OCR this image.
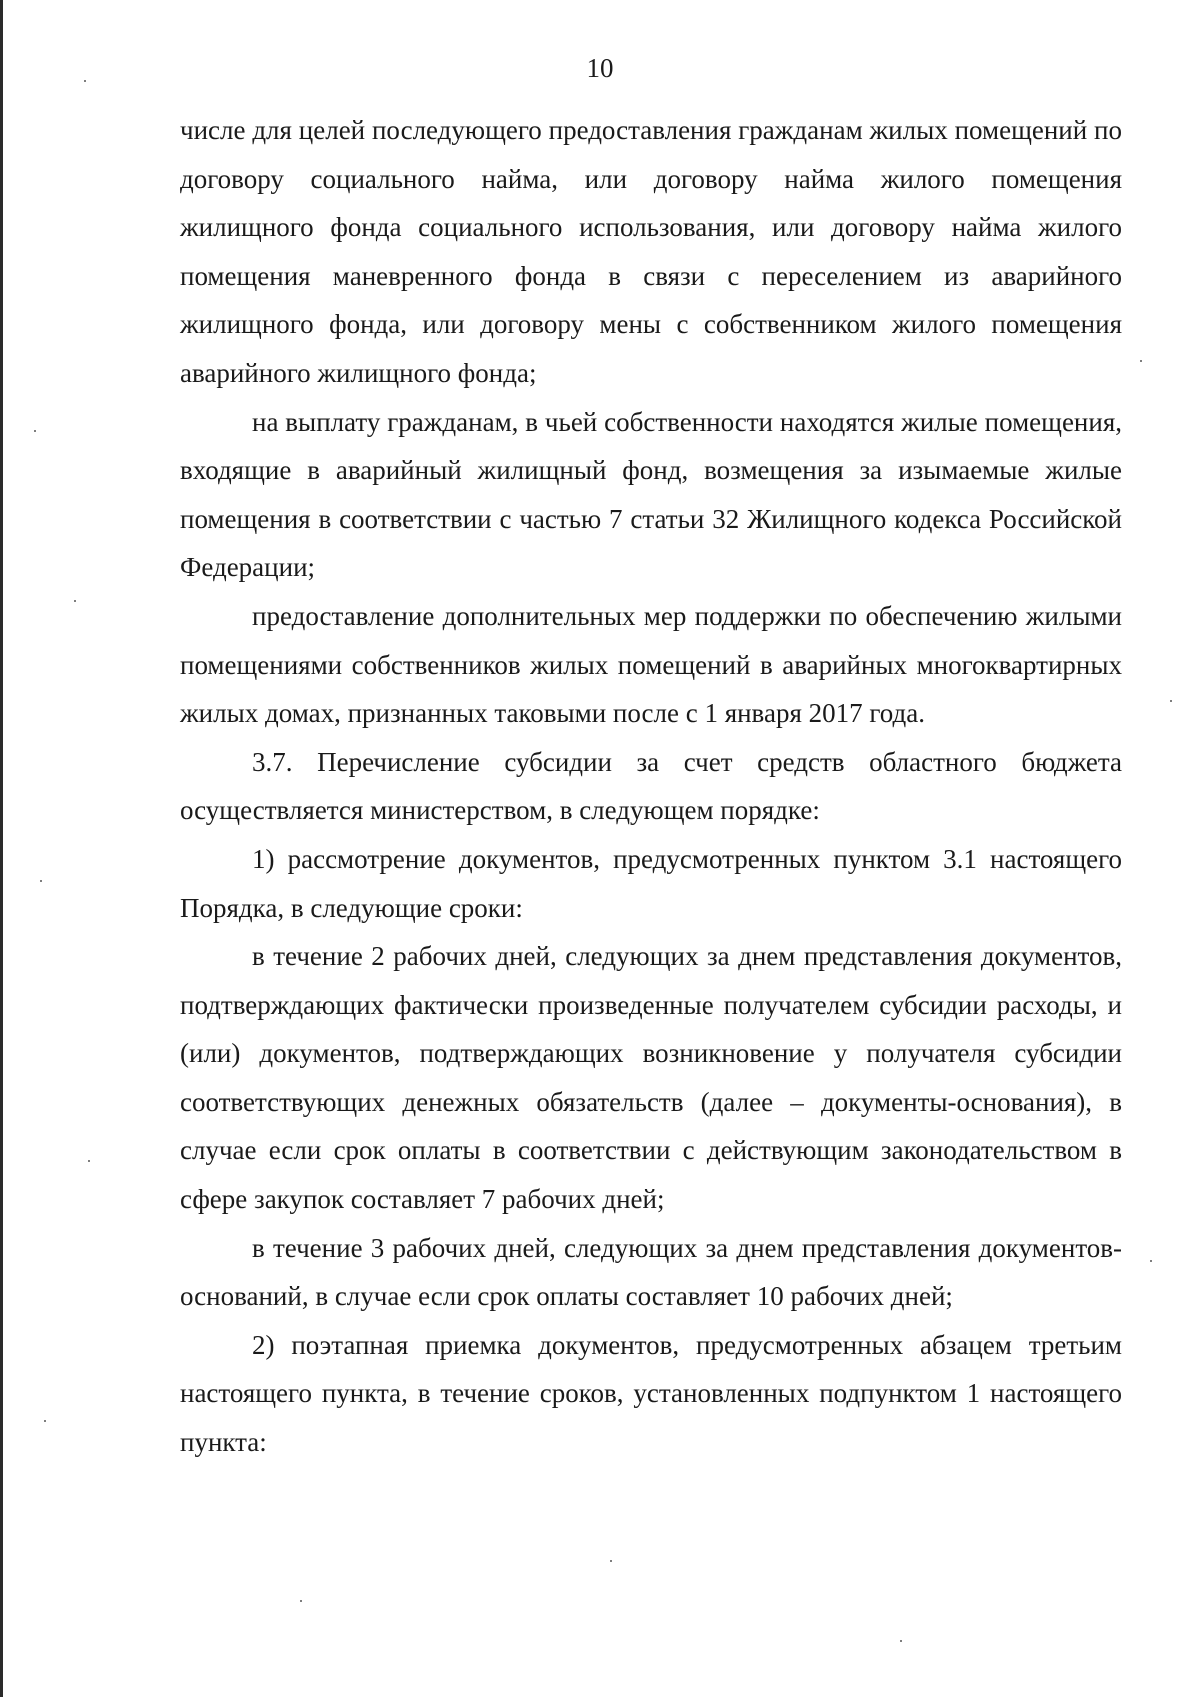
10

числе для целей последующего предоставления гражданам жилых помещений по договору социального найма, или договору найма жилого помещения жилищного фонда социального использования, или договору найма жилого помещения маневренного фонда в связи с переселением из аварийного жилищного фонда, или договору мены с собственником жилого помещения аварийного жилищного фонда;

на выплату гражданам, в чьей собственности находятся жилые помещения, входящие в аварийный жилищный фонд, возмещения за изымаемые жилые помещения в соответствии с частью 7 статьи 32 Жилищного кодекса Российской Федерации;

предоставление дополнительных мер поддержки по обеспечению жилыми помещениями собственников жилых помещений в аварийных многоквартирных жилых домах, признанных таковыми после с 1 января 2017 года.

3.7. Перечисление субсидии за счет средств областного бюджета осуществляется министерством, в следующем порядке:

1) рассмотрение документов, предусмотренных пунктом 3.1 настоящего Порядка, в следующие сроки:

в течение 2 рабочих дней, следующих за днем представления документов, подтверждающих фактически произведенные получателем субсидии расходы, и (или) документов, подтверждающих возникновение у получателя субсидии соответствующих денежных обязательств (далее – документы-основания), в случае если срок оплаты в соответствии с действующим законодательством в сфере закупок составляет 7 рабочих дней;

в течение 3 рабочих дней, следующих за днем представления документов-оснований, в случае если срок оплаты составляет 10 рабочих дней;

2) поэтапная приемка документов, предусмотренных абзацем третьим настоящего пункта, в течение сроков, установленных подпунктом 1 настоящего пункта:
